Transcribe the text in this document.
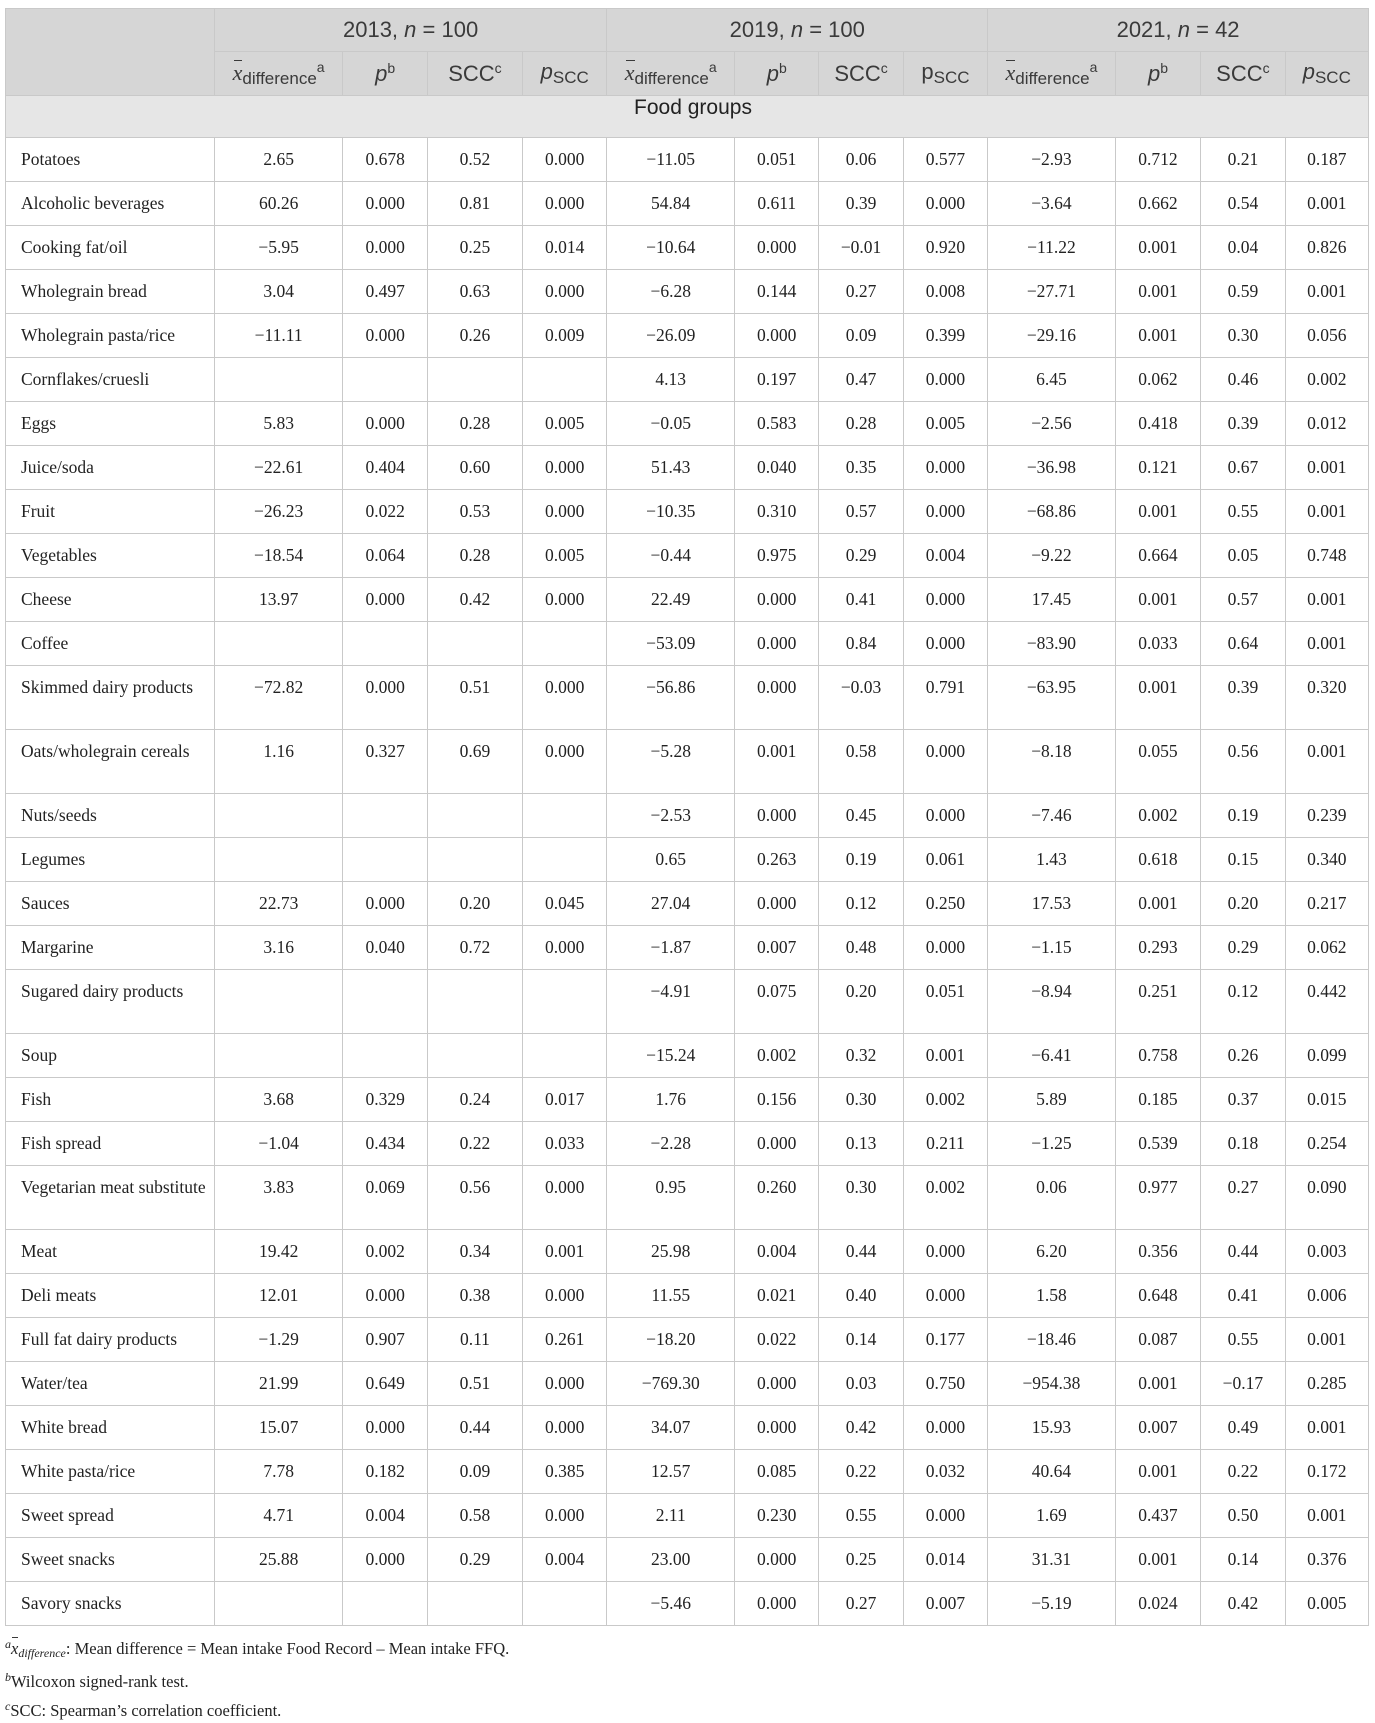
	2013, n = 100				2019, n = 100				2021, n = 42			
	xdifference$^a$	$p^b$	SCC$^c$	pSCC	xdifference$^a$	$p^b$	SCC$^c$	pSCC	xdifference$^a$	$p^b$	SCC$^c$	pSCC
Food groups												
Potatoes	2.65	0.678	0.52	0.000	−11.05	0.051	0.06	0.577	−2.93	0.712	0.21	0.187
Alcoholic beverages	60.26	0.000	0.81	0.000	54.84	0.611	0.39	0.000	−3.64	0.662	0.54	0.001
Cooking fat/oil	−5.95	0.000	0.25	0.014	−10.64	0.000	−0.01	0.920	−11.22	0.001	0.04	0.826
Wholegrain bread	3.04	0.497	0.63	0.000	−6.28	0.144	0.27	0.008	−27.71	0.001	0.59	0.001
Wholegrain pasta/rice	−11.11	0.000	0.26	0.009	−26.09	0.000	0.09	0.399	−29.16	0.001	0.30	0.056
Cornflakes/cruesli					4.13	0.197	0.47	0.000	6.45	0.062	0.46	0.002
Eggs	5.83	0.000	0.28	0.005	−0.05	0.583	0.28	0.005	−2.56	0.418	0.39	0.012
Juice/soda	−22.61	0.404	0.60	0.000	51.43	0.040	0.35	0.000	−36.98	0.121	0.67	0.001
Fruit	−26.23	0.022	0.53	0.000	−10.35	0.310	0.57	0.000	−68.86	0.001	0.55	0.001
Vegetables	−18.54	0.064	0.28	0.005	−0.44	0.975	0.29	0.004	−9.22	0.664	0.05	0.748
Cheese	13.97	0.000	0.42	0.000	22.49	0.000	0.41	0.000	17.45	0.001	0.57	0.001
Coffee					−53.09	0.000	0.84	0.000	−83.90	0.033	0.64	0.001
Skimmed dairy products	−72.82	0.000	0.51	0.000	−56.86	0.000	−0.03	0.791	−63.95	0.001	0.39	0.320
Oats/wholegrain cereals	1.16	0.327	0.69	0.000	−5.28	0.001	0.58	0.000	−8.18	0.055	0.56	0.001
Nuts/seeds					−2.53	0.000	0.45	0.000	−7.46	0.002	0.19	0.239
Legumes					0.65	0.263	0.19	0.061	1.43	0.618	0.15	0.340
Sauces	22.73	0.000	0.20	0.045	27.04	0.000	0.12	0.250	17.53	0.001	0.20	0.217
Margarine	3.16	0.040	0.72	0.000	−1.87	0.007	0.48	0.000	−1.15	0.293	0.29	0.062
Sugared dairy products					−4.91	0.075	0.20	0.051	−8.94	0.251	0.12	0.442
Soup					−15.24	0.002	0.32	0.001	−6.41	0.758	0.26	0.099
Fish	3.68	0.329	0.24	0.017	1.76	0.156	0.30	0.002	5.89	0.185	0.37	0.015
Fish spread	−1.04	0.434	0.22	0.033	−2.28	0.000	0.13	0.211	−1.25	0.539	0.18	0.254
Vegetarian meat substitute	3.83	0.069	0.56	0.000	0.95	0.260	0.30	0.002	0.06	0.977	0.27	0.090
Meat	19.42	0.002	0.34	0.001	25.98	0.004	0.44	0.000	6.20	0.356	0.44	0.003
Deli meats	12.01	0.000	0.38	0.000	11.55	0.021	0.40	0.000	1.58	0.648	0.41	0.006
Full fat dairy products	−1.29	0.907	0.11	0.261	−18.20	0.022	0.14	0.177	−18.46	0.087	0.55	0.001
Water/tea	21.99	0.649	0.51	0.000	−769.30	0.000	0.03	0.750	−954.38	0.001	−0.17	0.285
White bread	15.07	0.000	0.44	0.000	34.07	0.000	0.42	0.000	15.93	0.007	0.49	0.001
White pasta/rice	7.78	0.182	0.09	0.385	12.57	0.085	0.22	0.032	40.64	0.001	0.22	0.172
Sweet spread	4.71	0.004	0.58	0.000	2.11	0.230	0.55	0.000	1.69	0.437	0.50	0.001
Sweet snacks	25.88	0.000	0.29	0.004	23.00	0.000	0.25	0.014	31.31	0.001	0.14	0.376
Savory snacks					−5.46	0.000	0.27	0.007	−5.19	0.024	0.42	0.005
$^a$xdifference: Mean difference = Mean intake Food Record – Mean intake FFQ.
$^b$Wilcoxon signed-rank test.
$^c$SCC: Spearman’s correlation coefficient.
